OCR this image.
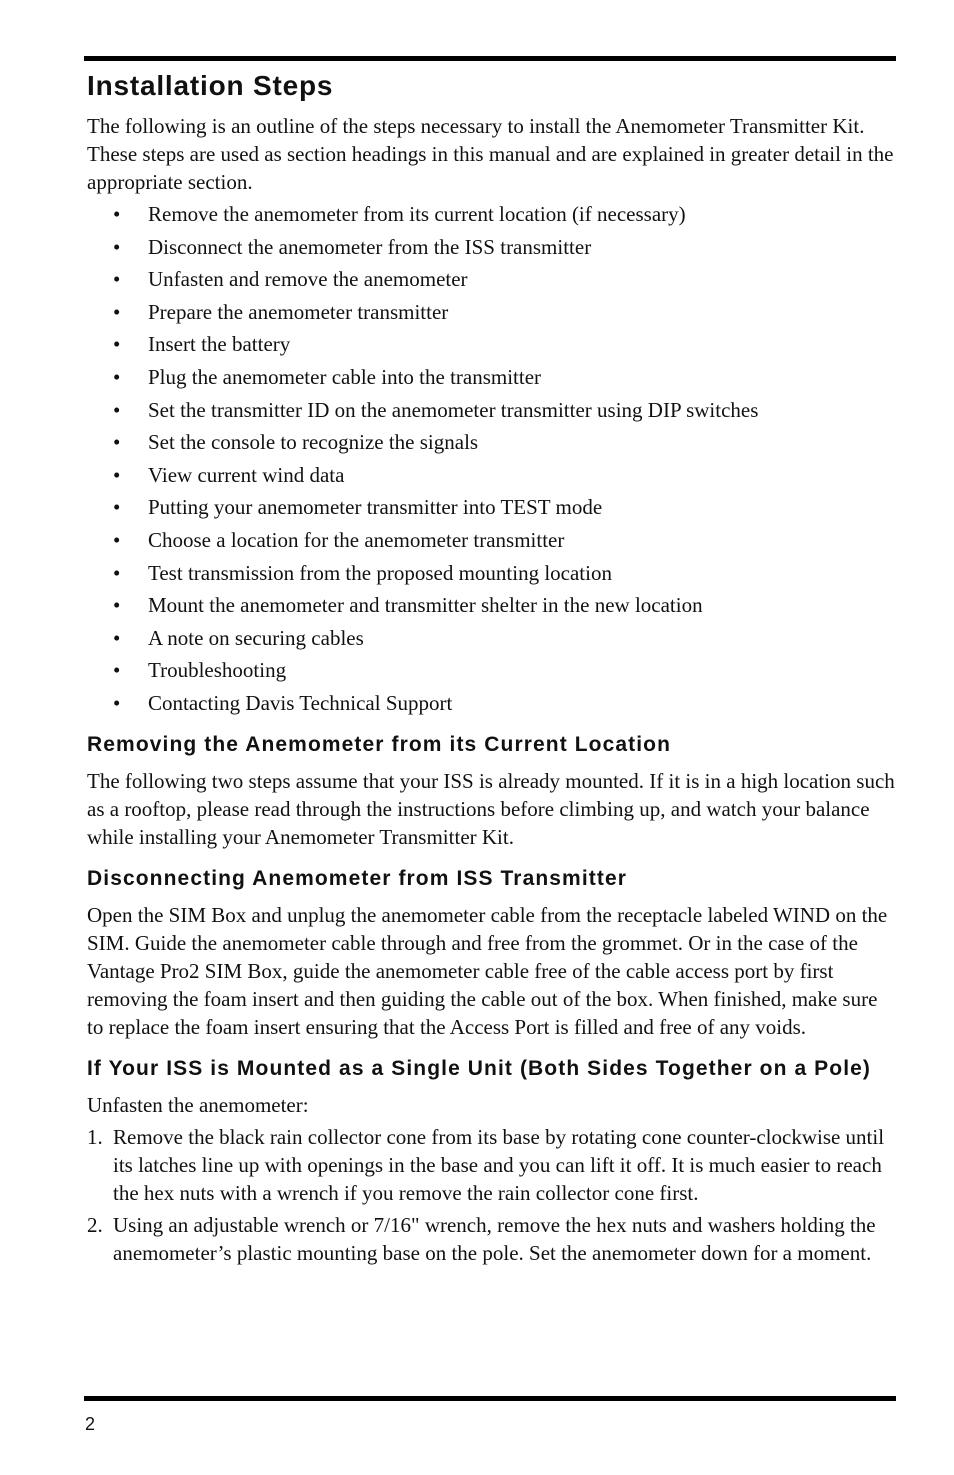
Installation Steps

The following is an outline of the steps necessary to install the Anemometer Transmitter Kit. These steps are used as section headings in this manual and are explained in greater detail in the appropriate section.

• Remove the anemometer from its current location (if necessary)
• Disconnect the anemometer from the ISS transmitter
• Unfasten and remove the anemometer
• Prepare the anemometer transmitter
• Insert the battery
• Plug the anemometer cable into the transmitter
• Set the transmitter ID on the anemometer transmitter using DIP switches
• Set the console to recognize the signals
• View current wind data
• Putting your anemometer transmitter into TEST mode
• Choose a location for the anemometer transmitter
• Test transmission from the proposed mounting location
• Mount the anemometer and transmitter shelter in the new location
• A note on securing cables
• Troubleshooting
• Contacting Davis Technical Support
Removing the Anemometer from its Current Location

The following two steps assume that your ISS is already mounted. If it is in a high location such as a rooftop, please read through the instructions before climbing up, and watch your balance while installing your Anemometer Transmitter Kit.

Disconnecting Anemometer from ISS Transmitter

Open the SIM Box and unplug the anemometer cable from the receptacle labeled WIND on the SIM. Guide the anemometer cable through and free from the grommet. Or in the case of the Vantage Pro2 SIM Box, guide the anemometer cable free of the cable access port by first removing the foam insert and then guiding the cable out of the box. When finished, make sure to replace the foam insert ensuring that the Access Port is filled and free of any voids.

If Your ISS is Mounted as a Single Unit (Both Sides Together on a Pole)

Unfasten the anemometer:

1. Remove the black rain collector cone from its base by rotating cone counter-clockwise until its latches line up with openings in the base and you can lift it off. It is much easier to reach the hex nuts with a wrench if you remove the rain collector cone first.
2. Using an adjustable wrench or 7/16" wrench, remove the hex nuts and washers holding the anemometer’s plastic mounting base on the pole. Set the anemometer down for a moment.
2
